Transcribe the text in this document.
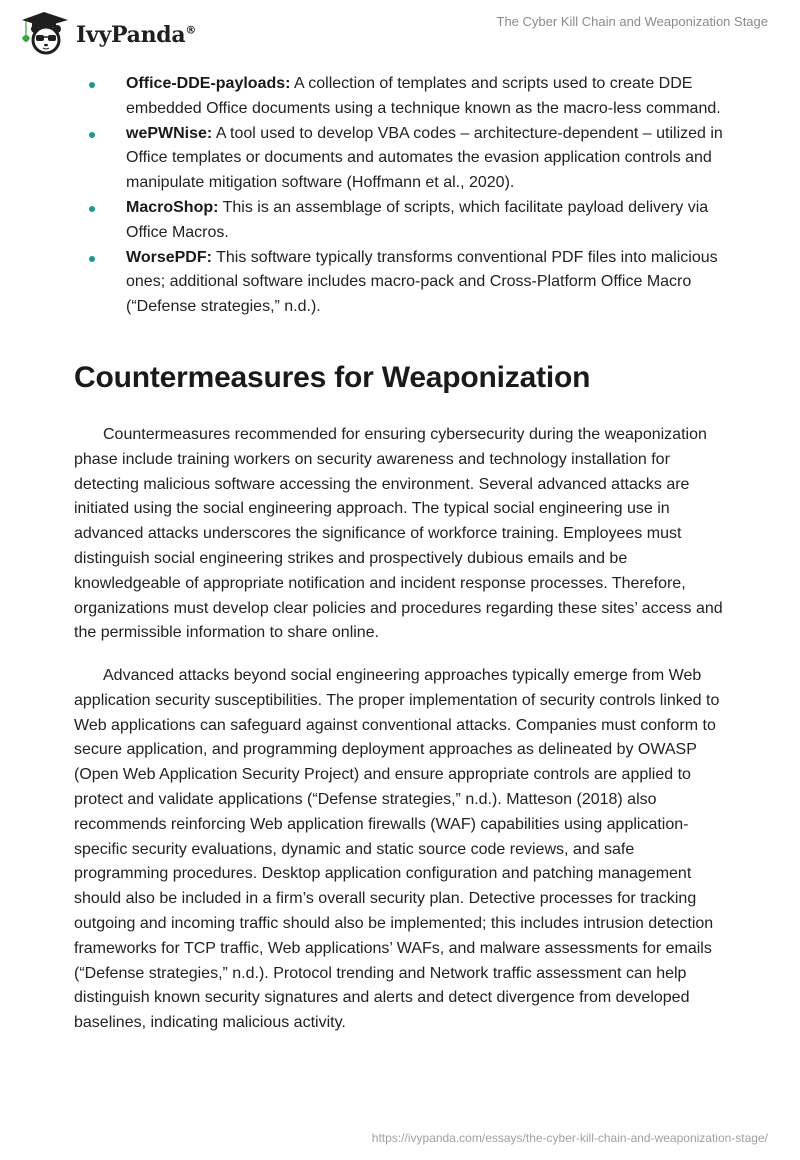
IvyPanda®
The Cyber Kill Chain and Weaponization Stage
Office-DDE-payloads: A collection of templates and scripts used to create DDE embedded Office documents using a technique known as the macro-less command.
wePWNise: A tool used to develop VBA codes – architecture-dependent – utilized in Office templates or documents and automates the evasion application controls and manipulate mitigation software (Hoffmann et al., 2020).
MacroShop: This is an assemblage of scripts, which facilitate payload delivery via Office Macros.
WorsePDF: This software typically transforms conventional PDF files into malicious ones; additional software includes macro-pack and Cross-Platform Office Macro (“Defense strategies,” n.d.).
Countermeasures for Weaponization

Countermeasures recommended for ensuring cybersecurity during the weaponization phase include training workers on security awareness and technology installation for detecting malicious software accessing the environment. Several advanced attacks are initiated using the social engineering approach. The typical social engineering use in advanced attacks underscores the significance of workforce training. Employees must distinguish social engineering strikes and prospectively dubious emails and be knowledgeable of appropriate notification and incident response processes. Therefore, organizations must develop clear policies and procedures regarding these sites’ access and the permissible information to share online.

Advanced attacks beyond social engineering approaches typically emerge from Web application security susceptibilities. The proper implementation of security controls linked to Web applications can safeguard against conventional attacks. Companies must conform to secure application, and programming deployment approaches as delineated by OWASP (Open Web Application Security Project) and ensure appropriate controls are applied to protect and validate applications (“Defense strategies,” n.d.). Matteson (2018) also recommends reinforcing Web application firewalls (WAF) capabilities using application-specific security evaluations, dynamic and static source code reviews, and safe programming procedures. Desktop application configuration and patching management should also be included in a firm’s overall security plan. Detective processes for tracking outgoing and incoming traffic should also be implemented; this includes intrusion detection frameworks for TCP traffic, Web applications’ WAFs, and malware assessments for emails (“Defense strategies,” n.d.). Protocol trending and Network traffic assessment can help distinguish known security signatures and alerts and detect divergence from developed baselines, indicating malicious activity.

https://ivypanda.com/essays/the-cyber-kill-chain-and-weaponization-stage/
